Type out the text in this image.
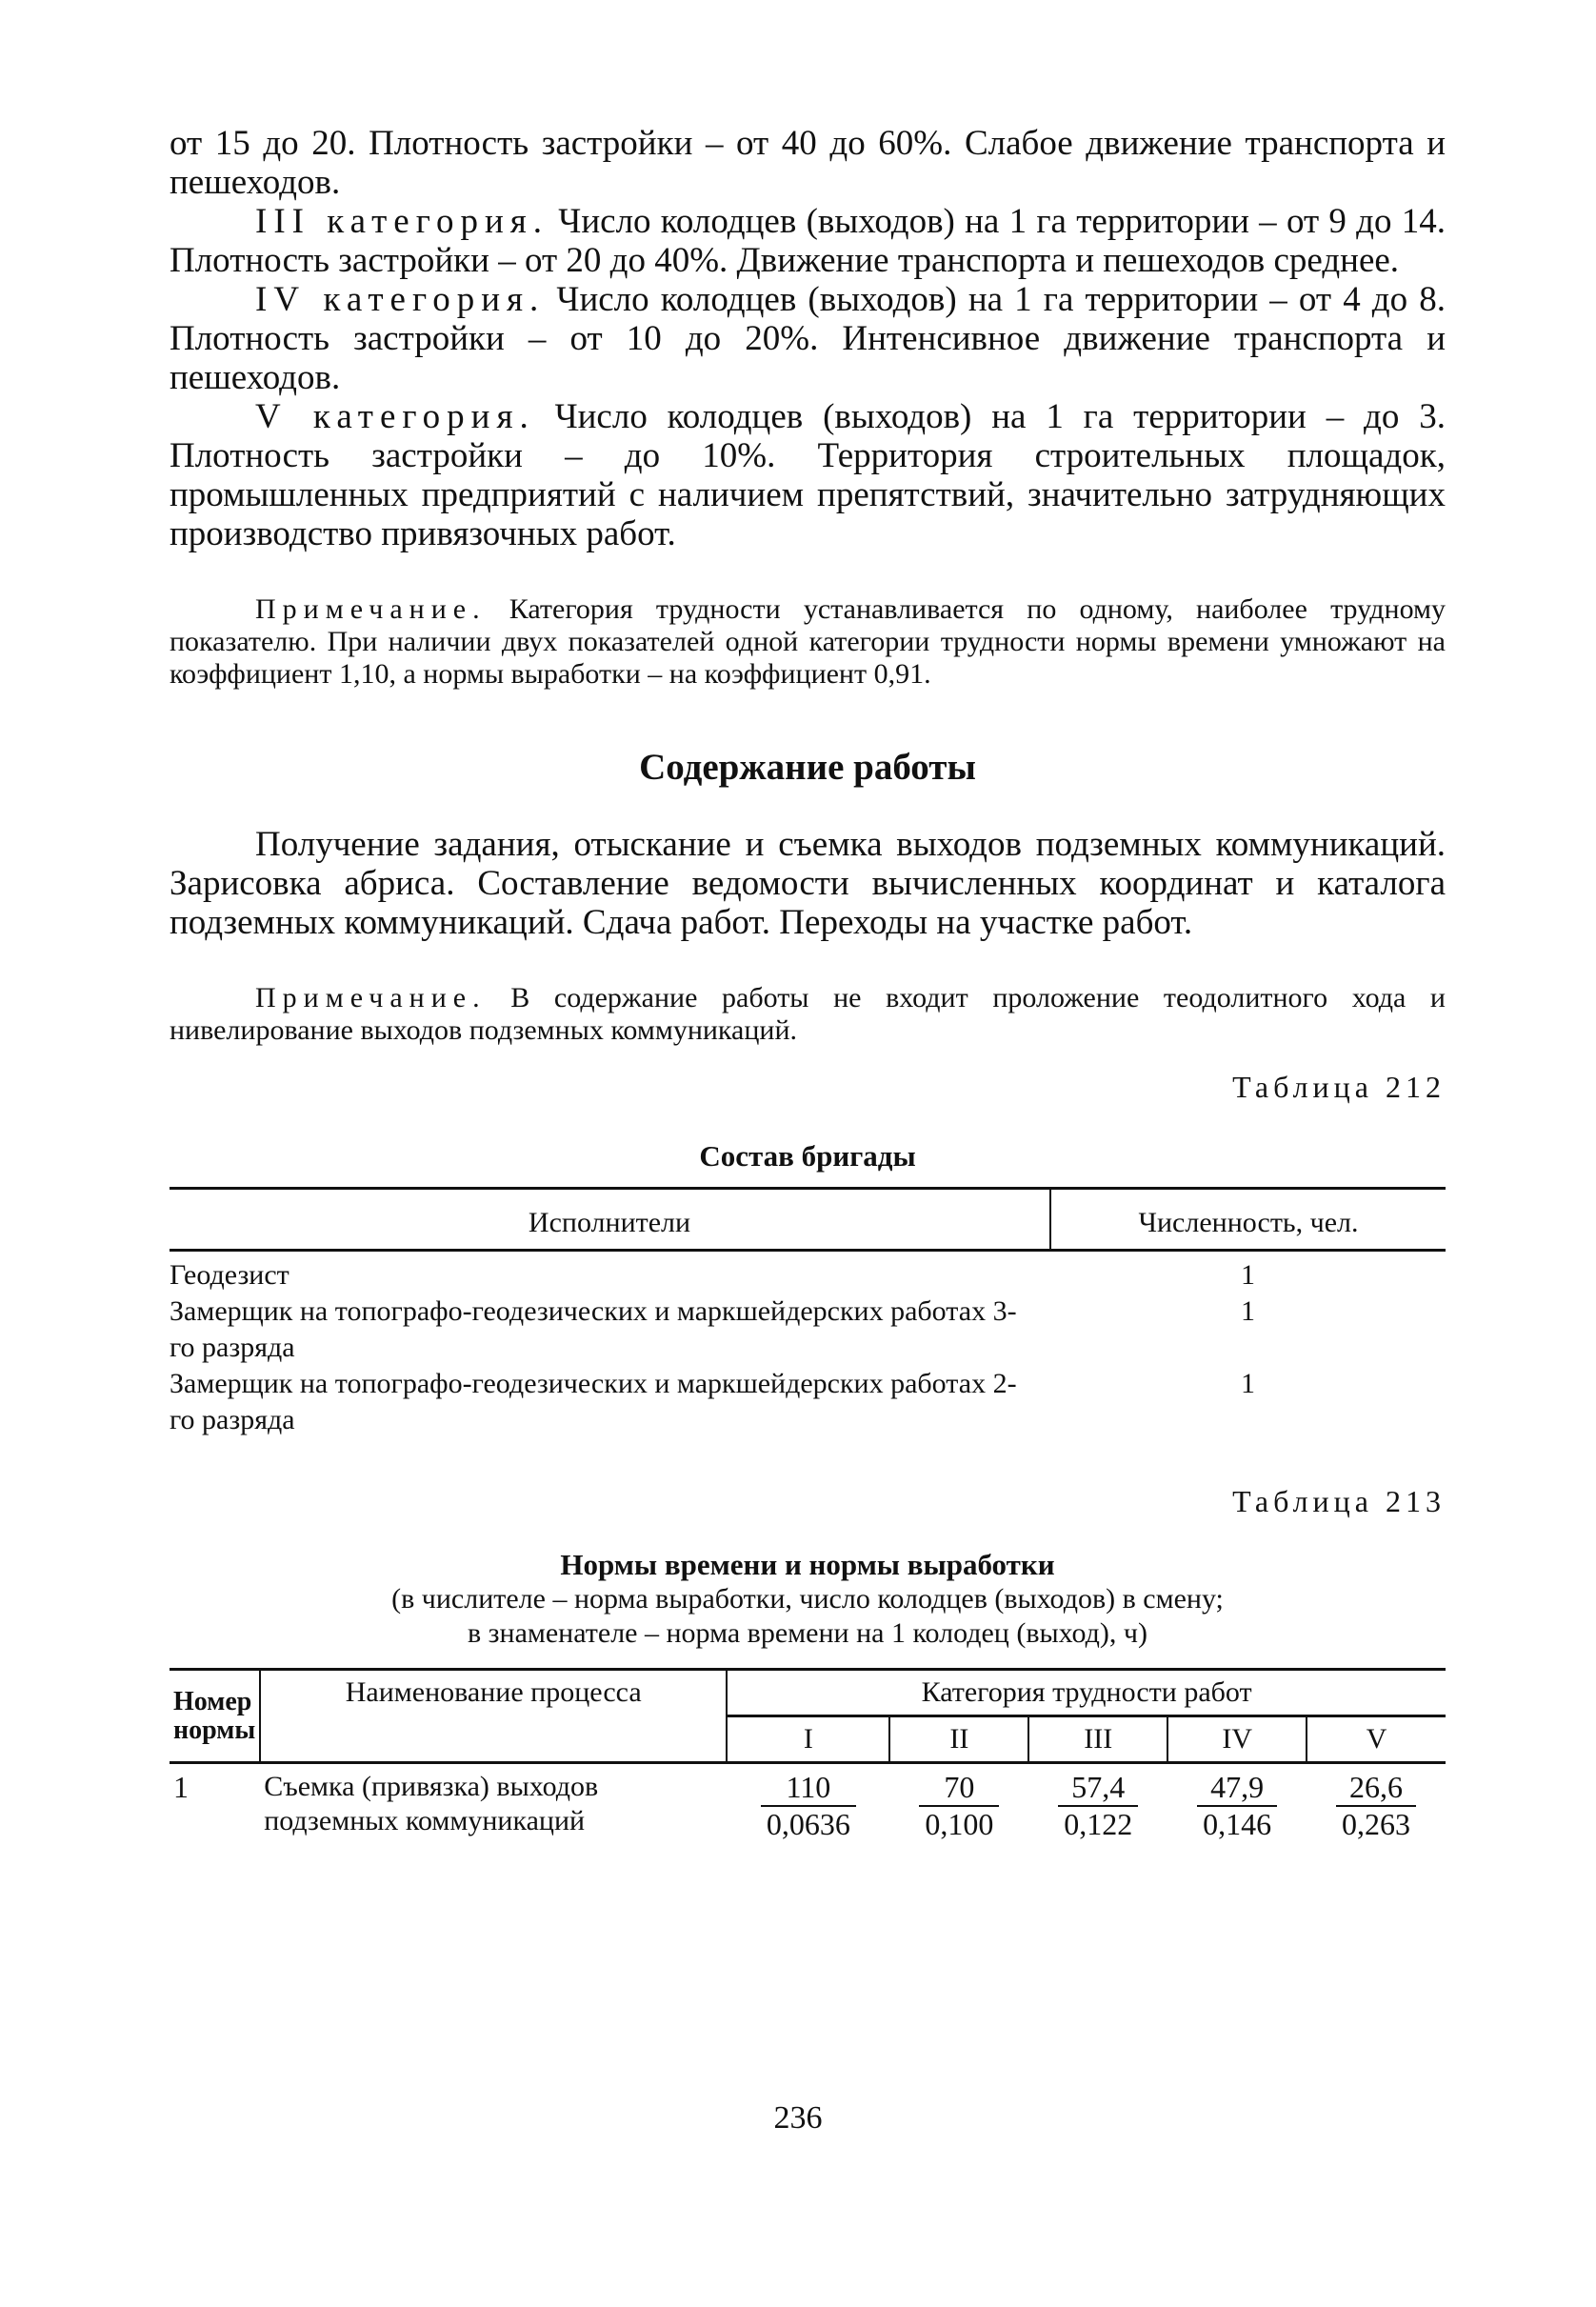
от 15 до 20. Плотность застройки – от 40 до 60%. Слабое движение транспорта и пешеходов.

III категория. Число колодцев (выходов) на 1 га территории – от 9 до 14. Плотность застройки – от 20 до 40%. Движение транспорта и пешеходов среднее.

IV категория. Число колодцев (выходов) на 1 га территории – от 4 до 8. Плотность застройки – от 10 до 20%. Интенсивное движение транспорта и пешеходов.

V категория. Число колодцев (выходов) на 1 га территории – до 3. Плотность застройки – до 10%. Территория строительных площадок, промышленных предприятий с наличием препятствий, значительно затрудняющих производство привязочных работ.

Примечание. Категория трудности устанавливается по одному, наиболее трудному показателю. При наличии двух показателей одной категории трудности нормы времени умножают на коэффициент 1,10, а нормы выработки – на коэффициент 0,91.

Содержание работы

Получение задания, отыскание и съемка выходов подземных коммуникаций. Зарисовка абриса. Составление ведомости вычисленных координат и каталога подземных коммуникаций. Сдача работ. Переходы на участке работ.

Примечание. В содержание работы не входит проложение теодолитного хода и нивелирование выходов подземных коммуникаций.

Таблица 212
Состав бригады
Исполнители	Численность, чел.
Геодезист	1
Замерщик на топографо-геодезических и маркшейдерских работах 3-го разряда	1
Замерщик на топографо-геодезических и маркшейдерских работах 2-го разряда	1
Таблица 213
Нормы времени и нормы выработки
(в числителе – норма выработки, число колодцев (выходов) в смену;
в знаменателе – норма времени на 1 колодец (выход), ч)
Номер нормы	Наименование процесса	Категория трудности работ				
		I	II	III	IV	V
1	Съемка (привязка) выходов подземных коммуникаций	$\frac{110}{0,0636}$	$\frac{70}{0,100}$	$\frac{57,4}{0,122}$	$\frac{47,9}{0,146}$	$\frac{26,6}{0,263}$
236
